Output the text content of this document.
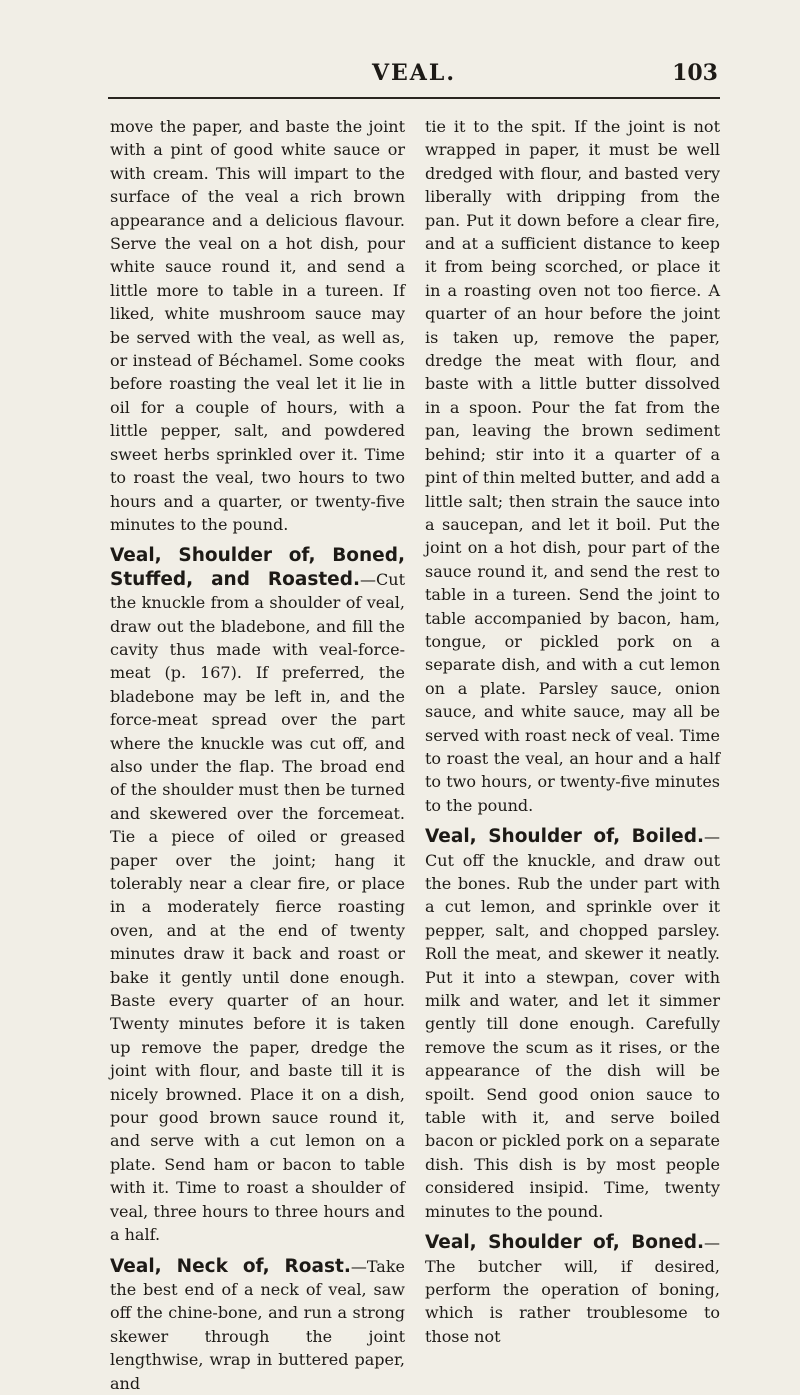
VEAL.	103

move the paper, and baste the joint with a pint of good white sauce or with cream. This will impart to the surface of the veal a rich brown appearance and a delicious flavour. Serve the veal on a hot dish, pour white sauce round it, and send a little more to table in a tureen. If liked, white mushroom sauce may be served with the veal, as well as, or instead of Béchamel. Some cooks before roasting the veal let it lie in oil for a couple of hours, with a little pepper, salt, and powdered sweet herbs sprinkled over it. Time to roast the veal, two hours to two hours and a quarter, or twenty-five minutes to the pound.

Veal, Shoulder of, Boned, Stuffed, and Roasted.—Cut the knuckle from a shoulder of veal, draw out the bladebone, and fill the cavity thus made with veal-force-meat (p. 167). If preferred, the bladebone may be left in, and the force-meat spread over the part where the knuckle was cut off, and also under the flap. The broad end of the shoulder must then be turned and skewered over the forcemeat. Tie a piece of oiled or greased paper over the joint; hang it tolerably near a clear fire, or place in a moderately fierce roasting oven, and at the end of twenty minutes draw it back and roast or bake it gently until done enough. Baste every quarter of an hour. Twenty minutes before it is taken up remove the paper, dredge the joint with flour, and baste till it is nicely browned. Place it on a dish, pour good brown sauce round it, and serve with a cut lemon on a plate. Send ham or bacon to table with it. Time to roast a shoulder of veal, three hours to three hours and a half.

Veal, Neck of, Roast.—Take the best end of a neck of veal, saw off the chine-bone, and run a strong skewer through the joint lengthwise, wrap in buttered paper, and

tie it to the spit. If the joint is not wrapped in paper, it must be well dredged with flour, and basted very liberally with dripping from the pan. Put it down before a clear fire, and at a sufficient distance to keep it from being scorched, or place it in a roasting oven not too fierce. A quarter of an hour before the joint is taken up, remove the paper, dredge the meat with flour, and baste with a little butter dissolved in a spoon. Pour the fat from the pan, leaving the brown sediment behind; stir into it a quarter of a pint of thin melted butter, and add a little salt; then strain the sauce into a saucepan, and let it boil. Put the joint on a hot dish, pour part of the sauce round it, and send the rest to table in a tureen. Send the joint to table accompanied by bacon, ham, tongue, or pickled pork on a separate dish, and with a cut lemon on a plate. Parsley sauce, onion sauce, and white sauce, may all be served with roast neck of veal. Time to roast the veal, an hour and a half to two hours, or twenty-five minutes to the pound.

Veal, Shoulder of, Boiled.—Cut off the knuckle, and draw out the bones. Rub the under part with a cut lemon, and sprinkle over it pepper, salt, and chopped parsley. Roll the meat, and skewer it neatly. Put it into a stewpan, cover with milk and water, and let it simmer gently till done enough. Carefully remove the scum as it rises, or the appearance of the dish will be spoilt. Send good onion sauce to table with it, and serve boiled bacon or pickled pork on a separate dish. This dish is by most people considered insipid. Time, twenty minutes to the pound.

Veal, Shoulder of, Boned.—The butcher will, if desired, perform the operation of boning, which is rather troublesome to those not
